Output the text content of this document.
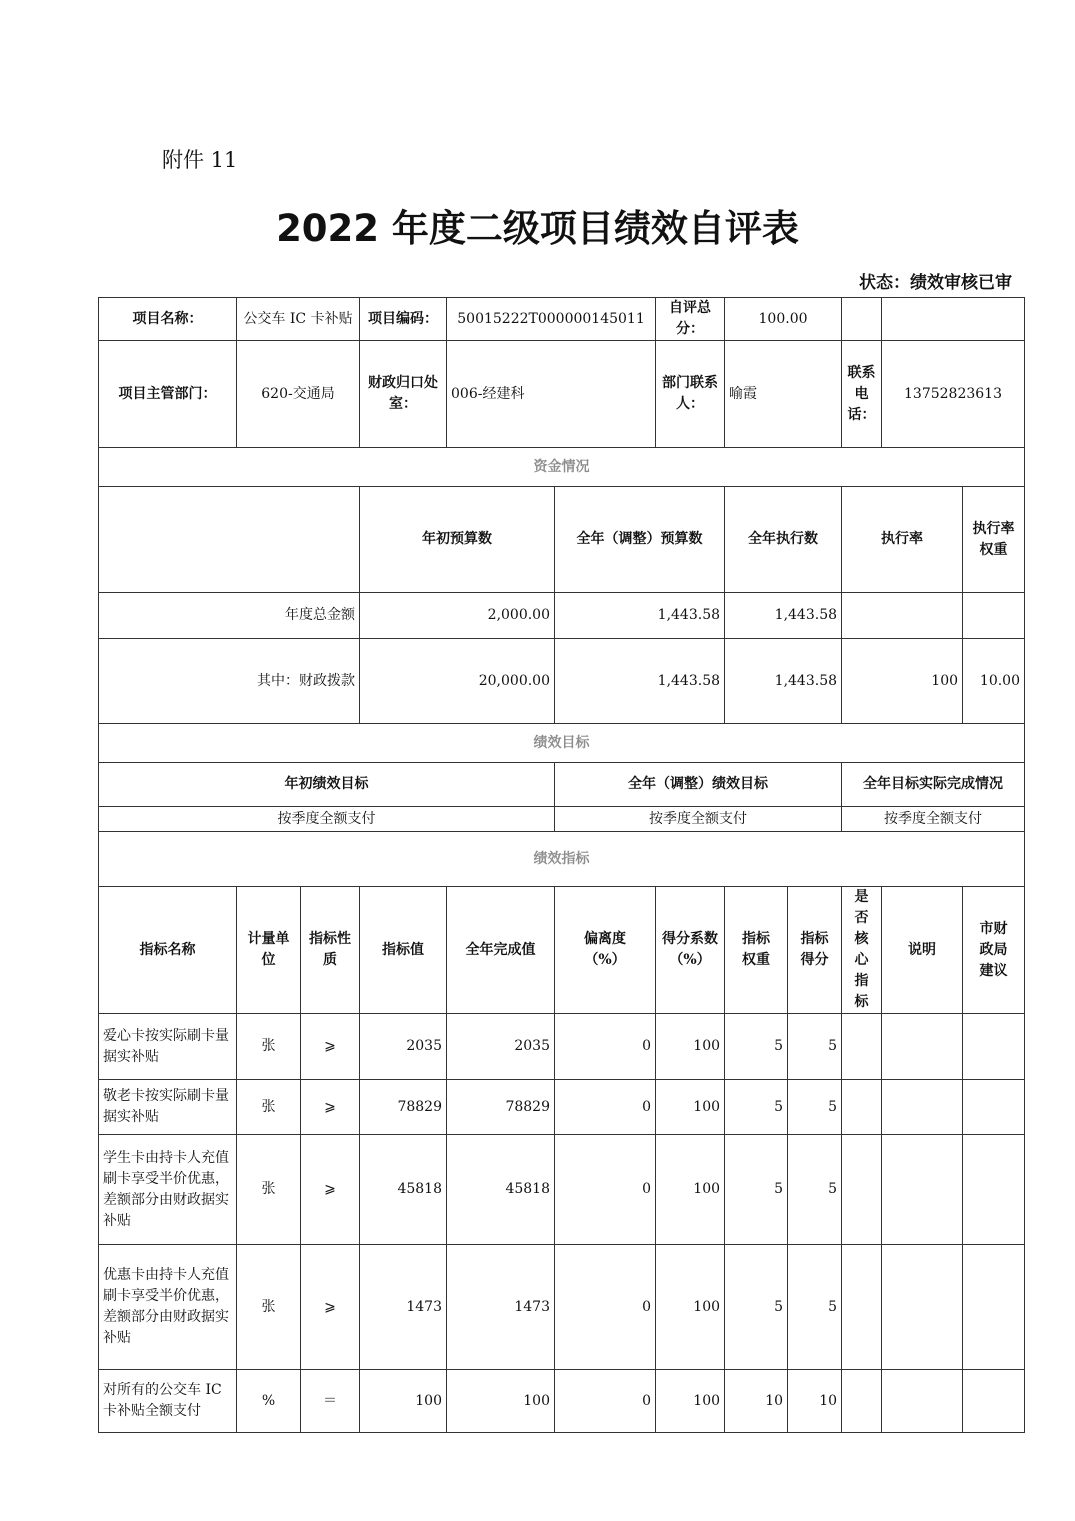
附件 11
2022 年度二级项目绩效自评表
状态：绩效审核已审
项目名称：	公交车 IC 卡补贴		项目编码：	50015222T000000145011		自评总分：	100.00					
项目主管部门：	620-交通局		财政归口处室：	006-经建科		部门联系人：	喻霞		联系电话：	13752823613		
资金情况												
			年初预算数		全年（调整）预算数		全年执行数		执行率		执行率权重	
年度总金额			2,000.00		1,443.58		1,443.58					
其中：财政拨款			20,000.00		1,443.58		1,443.58		100		10.00	
绩效目标												
年初绩效目标					全年（调整）绩效目标				全年目标实际完成情况			
按季度全额支付					按季度全额支付				按季度全额支付			
绩效指标												
指标名称	计量单位	指标性质	指标值	全年完成值	偏离度（%）	得分系数（%）	指标权重	指标得分	是否核心指标	说明	市财政局建议	
爱心卡按实际刷卡量据实补贴	张	⩾	2035	2035	0	100	5	5				
敬老卡按实际刷卡量据实补贴	张	⩾	78829	78829	0	100	5	5				
学生卡由持卡人充值刷卡享受半价优惠，差额部分由财政据实补贴	张	⩾	45818	45818	0	100	5	5				
优惠卡由持卡人充值刷卡享受半价优惠，差额部分由财政据实补贴	张	⩾	1473	1473	0	100	5	5				
对所有的公交车 IC 卡补贴全额支付	%	＝	100	100	0	100	10	10				
